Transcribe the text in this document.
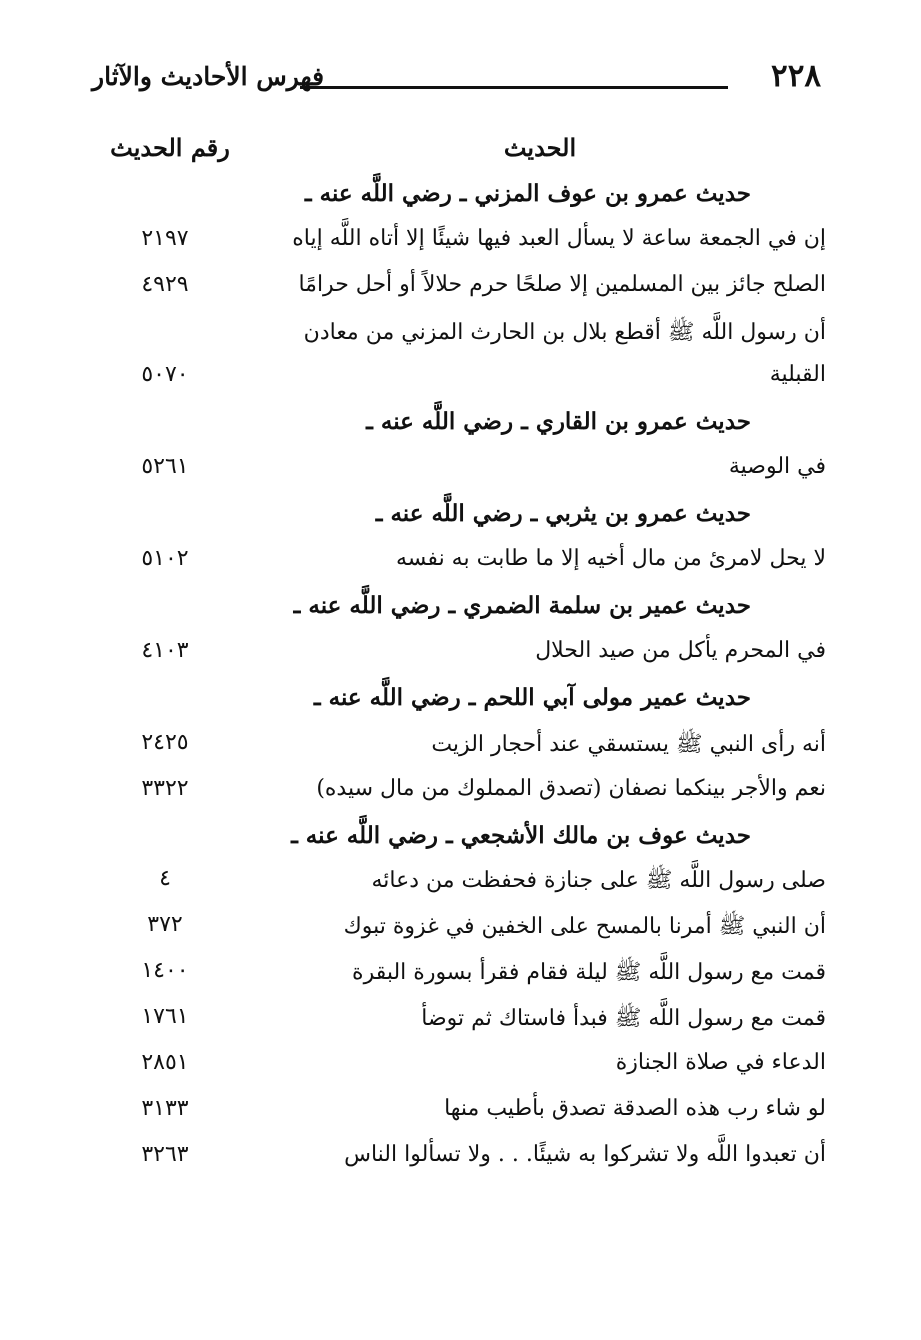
٢٢٨
فهرس الأحاديث والآثار
الحديث
رقم الحديث
حديث عمرو بن عوف المزني ـ رضي اللَّه عنه ـ
إن في الجمعة ساعة لا يسأل العبد فيها شيئًا إلا أتاه اللَّه إياه
٢١٩٧
الصلح جائز بين المسلمين إلا صلحًا حرم حلالاً أو أحل حرامًا
٤٩٢٩
أن رسول اللَّه ﷺ أقطع بلال بن الحارث المزني من معادن
القبلية
٥٠٧٠
حديث عمرو بن القاري ـ رضي اللَّه عنه ـ
في الوصية
٥٢٦١
حديث عمرو بن يثربي ـ رضي اللَّه عنه ـ
لا يحل لامرئ من مال أخيه إلا ما طابت به نفسه
٥١٠٢
حديث عمير بن سلمة الضمري ـ رضي اللَّه عنه ـ
في المحرم يأكل من صيد الحلال
٤١٠٣
حديث عمير مولى آبي اللحم ـ رضي اللَّه عنه ـ
أنه رأى النبي ﷺ يستسقي عند أحجار الزيت
٢٤٢٥
نعم والأجر بينكما نصفان (تصدق المملوك من مال سيده)
٣٣٢٢
حديث عوف بن مالك الأشجعي ـ رضي اللَّه عنه ـ
صلى رسول اللَّه ﷺ على جنازة فحفظت من دعائه
٤
أن النبي ﷺ أمرنا بالمسح على الخفين في غزوة تبوك
٣٧٢
قمت مع رسول اللَّه ﷺ ليلة فقام فقرأ بسورة البقرة
١٤٠٠
قمت مع رسول اللَّه ﷺ فبدأ فاستاك ثم توضأ
١٧٦١
الدعاء في صلاة الجنازة
٢٨٥١
لو شاء رب هذه الصدقة تصدق بأطيب منها
٣١٣٣
أن تعبدوا اللَّه ولا تشركوا به شيئًا. . . ولا تسألوا الناس
٣٢٦٣
